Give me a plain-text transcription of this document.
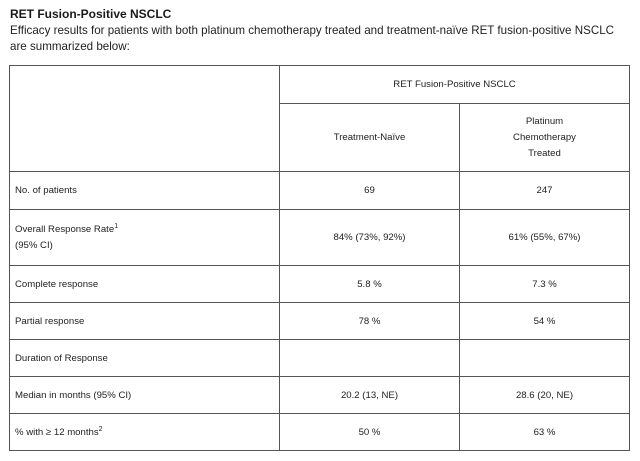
RET Fusion-Positive NSCLC
Efficacy results for patients with both platinum chemotherapy treated and treatment-naïve RET fusion-positive NSCLC are summarized below:
	RET Fusion-Positive NSCLC	
	Treatment-Naïve	Platinum
Chemotherapy
Treated
No. of patients	69	247
Overall Response Rate$^1$
(95% CI)	84% (73%, 92%)	61% (55%, 67%)
Complete response	5.8 %	7.3 %
Partial response	78 %	54 %
Duration of Response		
Median in months (95% CI)	20.2 (13, NE)	28.6 (20, NE)
% with ≥ 12 months$^2$	50 %	63 %
